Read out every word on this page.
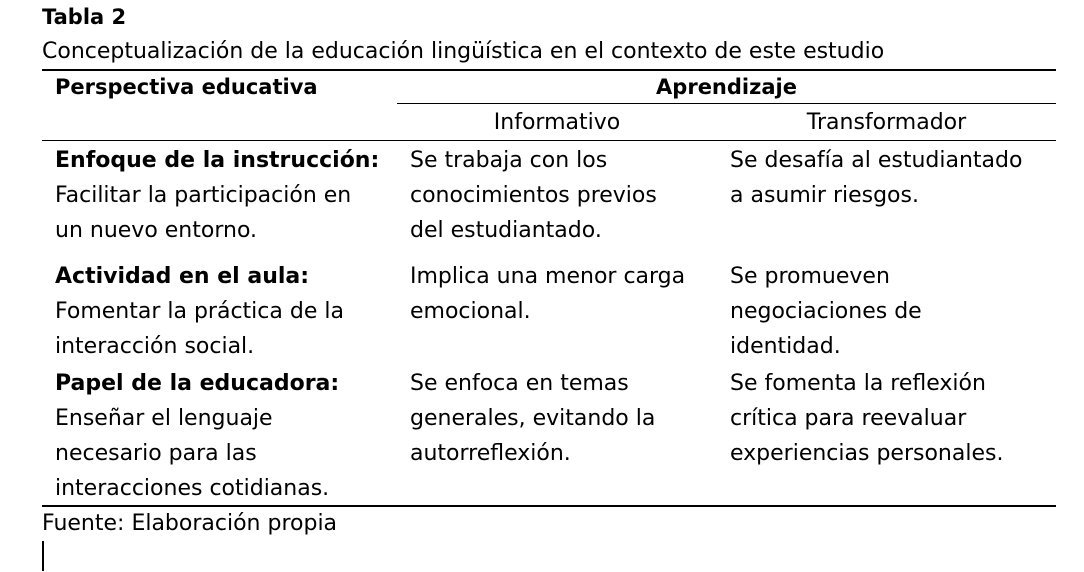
Tabla 2
Conceptualización de la educación lingüística en el contexto de este estudio
Perspectiva educativa	Aprendizaje
Informativo	Transformador
Enfoque de la instrucción:
Facilitar la participación en
un nuevo entorno.
Se trabaja con los
conocimientos previos
del estudiantado.
Se desafía al estudiantado
a asumir riesgos.
Actividad en el aula:
Fomentar la práctica de la
interacción social.
Implica una menor carga
emocional.
Se promueven
negociaciones de
identidad.
Papel de la educadora:
Enseñar el lenguaje
necesario para las
interacciones cotidianas.
Se enfoca en temas
generales, evitando la
autorreflexión.
Se fomenta la reflexión
crítica para reevaluar
experiencias personales.
Fuente: Elaboración propia
